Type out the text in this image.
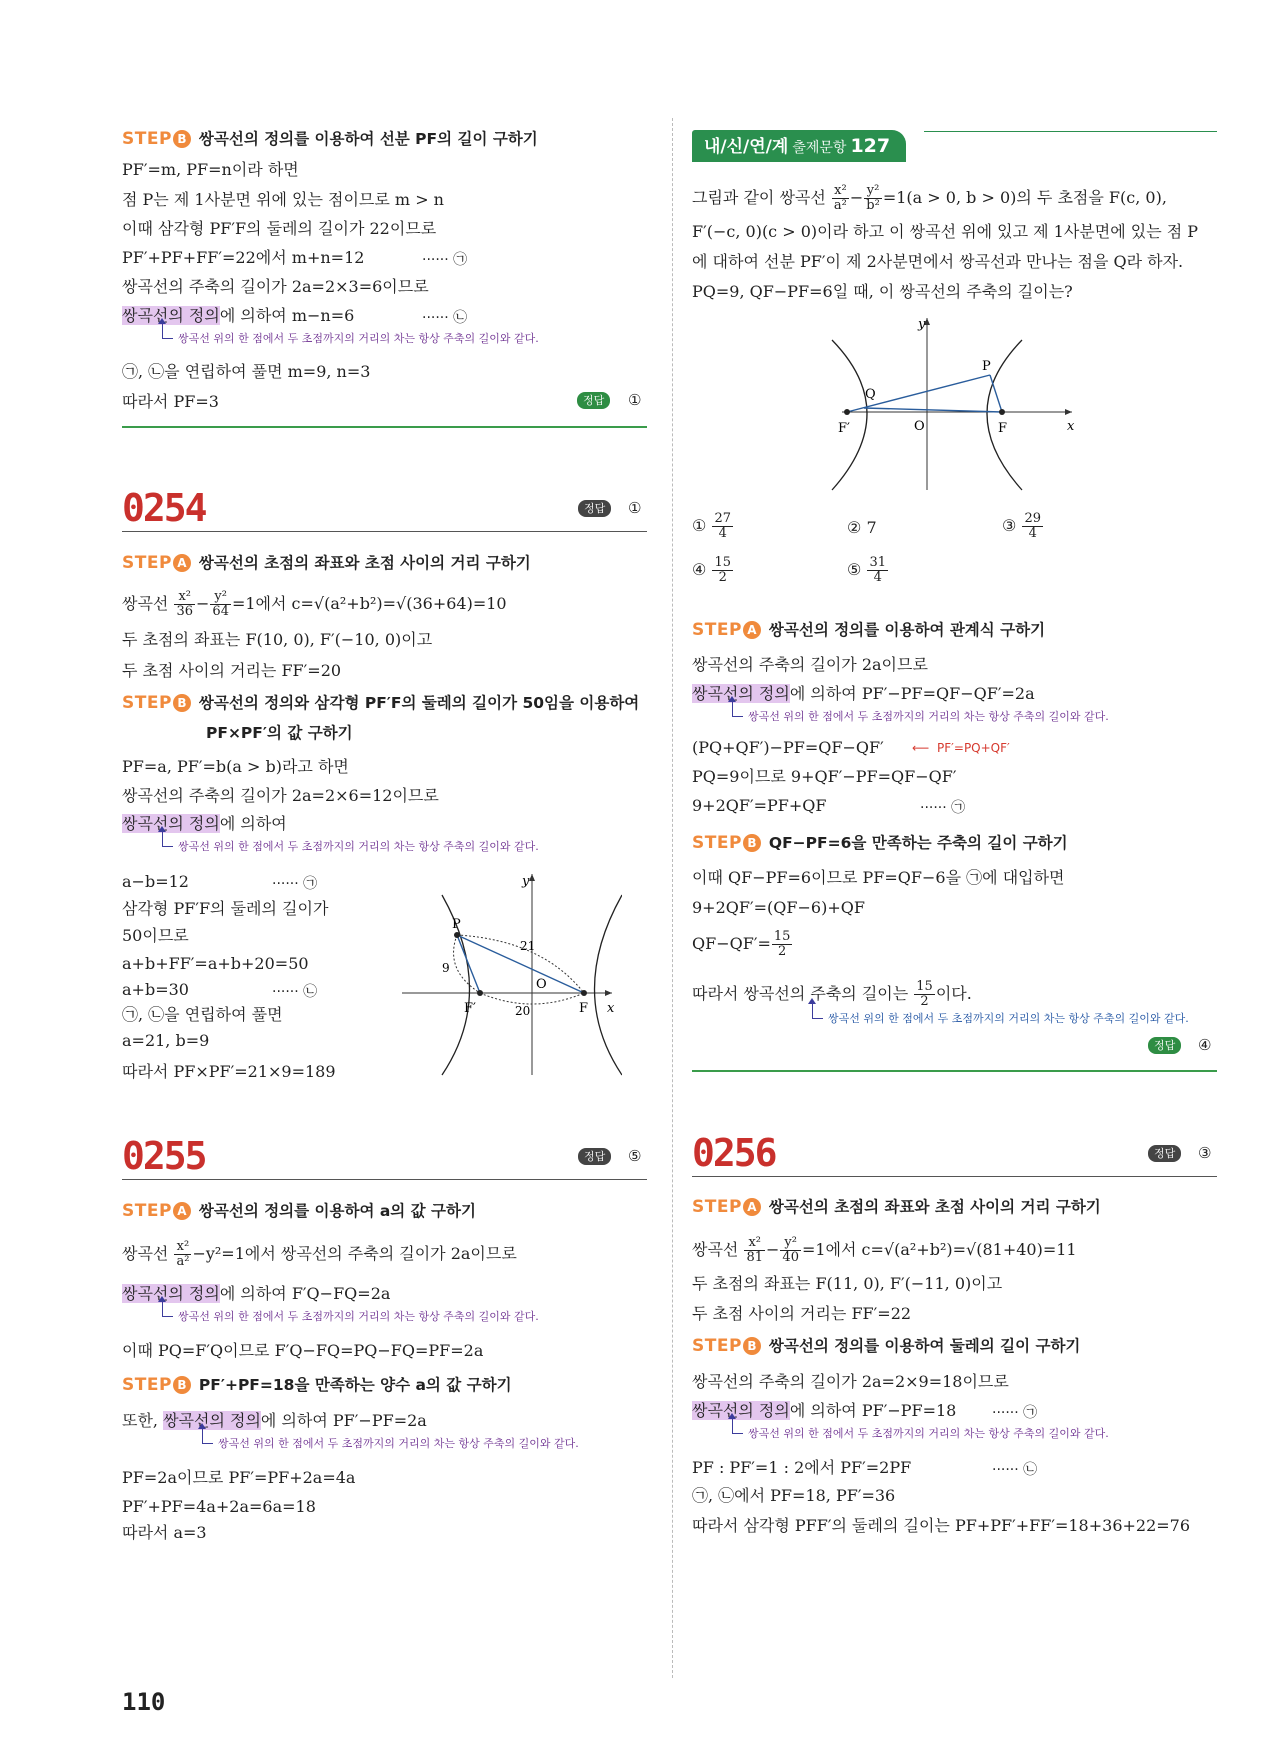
STEP B 쌍곡선의 정의를 이용하여 선분 PF의 길이 구하기
PF′=m, PF=n이라 하면
점 P는 제 1사분면 위에 있는 점이므로 m > n
이때 삼각형 PF′F의 둘레의 길이가 22이므로
PF′+PF+FF′=22에서 m+n=12	······ ㉠
쌍곡선의 주축의 길이가 2a=2×3=6이므로
쌍곡선의 정의에 의하여 m−n=6	······ ㉡
쌍곡선 위의 한 점에서 두 초점까지의 거리의 차는 항상 주축의 길이와 같다.
㉠, ㉡을 연립하여 풀면 m=9, n=3
따라서 PF=3	정답	①
0254	정답	①
STEP A 쌍곡선의 초점의 좌표와 초점 사이의 거리 구하기
쌍곡선 $\frac{\text{x²}}{36} - \frac{\text{y²}}{64} =1$에서 c=√(a²+b²)=√(36+64)=10
두 초점의 좌표는 F(10, 0), F′(−10, 0)이고
두 초점 사이의 거리는 FF′=20
STEP B 쌍곡선의 정의와 삼각형 PF′F의 둘레의 길이가 50임을 이용하여
PF×PF′의 값 구하기
PF=a, PF′=b(a > b)라고 하면
쌍곡선의 주축의 길이가 2a=2×6=12이므로
쌍곡선의 정의에 의하여
쌍곡선 위의 한 점에서 두 초점까지의 거리의 차는 항상 주축의 길이와 같다.
a−b=12	······ ㉠
삼각형 PF′F의 둘레의 길이가
50이므로
a+b+FF′=a+b+20=50
a+b=30	······ ㉡
㉠, ㉡을 연립하여 풀면
a=21, b=9
따라서 PF×PF′=21×9=189
y
x
P
O
F
F′
21
9
20
0255	정답	⑤
STEP A 쌍곡선의 정의를 이용하여 a의 값 구하기
쌍곡선 $\frac{\text{x²}}{\text{a²}} -y^2=1$에서 쌍곡선의 주축의 길이가 2a이므로
쌍곡선의 정의에 의하여 F′Q−FQ=2a
쌍곡선 위의 한 점에서 두 초점까지의 거리의 차는 항상 주축의 길이와 같다.
이때 PQ=F′Q이므로 F′Q−FQ=PQ−FQ=PF=2a
STEP B PF′+PF=18을 만족하는 양수 a의 값 구하기
또한, 쌍곡선의 정의에 의하여 PF′−PF=2a
쌍곡선 위의 한 점에서 두 초점까지의 거리의 차는 항상 주축의 길이와 같다.
PF=2a이므로 PF′=PF+2a=4a
PF′+PF=4a+2a=6a=18
따라서 a=3
110
내/신/연/계 출제문항 127
그림과 같이 쌍곡선 $\frac{\text{x²}}{\text{a²}} - \frac{\text{y²}}{\text{b²}} =1(a > 0$, b > 0)의 두 초점을 F(c, 0),
F′(−c, 0)(c > 0)이라 하고 이 쌍곡선 위에 있고 제 1사분면에 있는 점 P
에 대하여 선분 PF′이 제 2사분면에서 쌍곡선과 만나는 점을 Q라 하자.
PQ=9, QF−PF=6일 때, 이 쌍곡선의 주축의 길이는?
y
x
P
Q
O	F
F′
① $\frac{27}{4}$	② 7	③ $\frac{29}{4}$
④ $\frac{15}{2}$	⑤ $\frac{31}{4}$
STEP A 쌍곡선의 정의를 이용하여 관계식 구하기
쌍곡선의 주축의 길이가 2a이므로
쌍곡선의 정의에 의하여 PF′−PF=QF−QF′=2a
쌍곡선 위의 한 점에서 두 초점까지의 거리의 차는 항상 주축의 길이와 같다.
(PQ+QF′)−PF=QF−QF′ ⟵ PF′=PQ+QF′
PQ=9이므로 9+QF′−PF=QF−QF′
9+2QF′=PF+QF	······ ㉠
STEP B QF−PF=6을 만족하는 주축의 길이 구하기
이때 QF−PF=6이므로 PF=QF−6을 ㉠에 대입하면
9+2QF′=(QF−6)+QF
$QF-QF'= \frac{15}{2}$
따라서 쌍곡선의 주축의 길이는 $\frac{15}{2}$ 이다.
쌍곡선 위의 한 점에서 두 초점까지의 거리의 차는 항상 주축의 길이와 같다.
정답	④
0256	정답	③
STEP A 쌍곡선의 초점의 좌표와 초점 사이의 거리 구하기
쌍곡선 $\frac{\text{x²}}{81} - \frac{\text{y²}}{40} =1$에서 c=√(a²+b²)=√(81+40)=11
두 초점의 좌표는 F(11, 0), F′(−11, 0)이고
두 초점 사이의 거리는 FF′=22
STEP B 쌍곡선의 정의를 이용하여 둘레의 길이 구하기
쌍곡선의 주축의 길이가 2a=2×9=18이므로
쌍곡선의 정의에 의하여 PF′−PF=18	······ ㉠
쌍곡선 위의 한 점에서 두 초점까지의 거리의 차는 항상 주축의 길이와 같다.
PF : PF′=1 : 2에서 PF′=2PF	······ ㉡
㉠, ㉡에서 PF=18, PF′=36
따라서 삼각형 PFF′의 둘레의 길이는 PF+PF′+FF′=18+36+22=76
